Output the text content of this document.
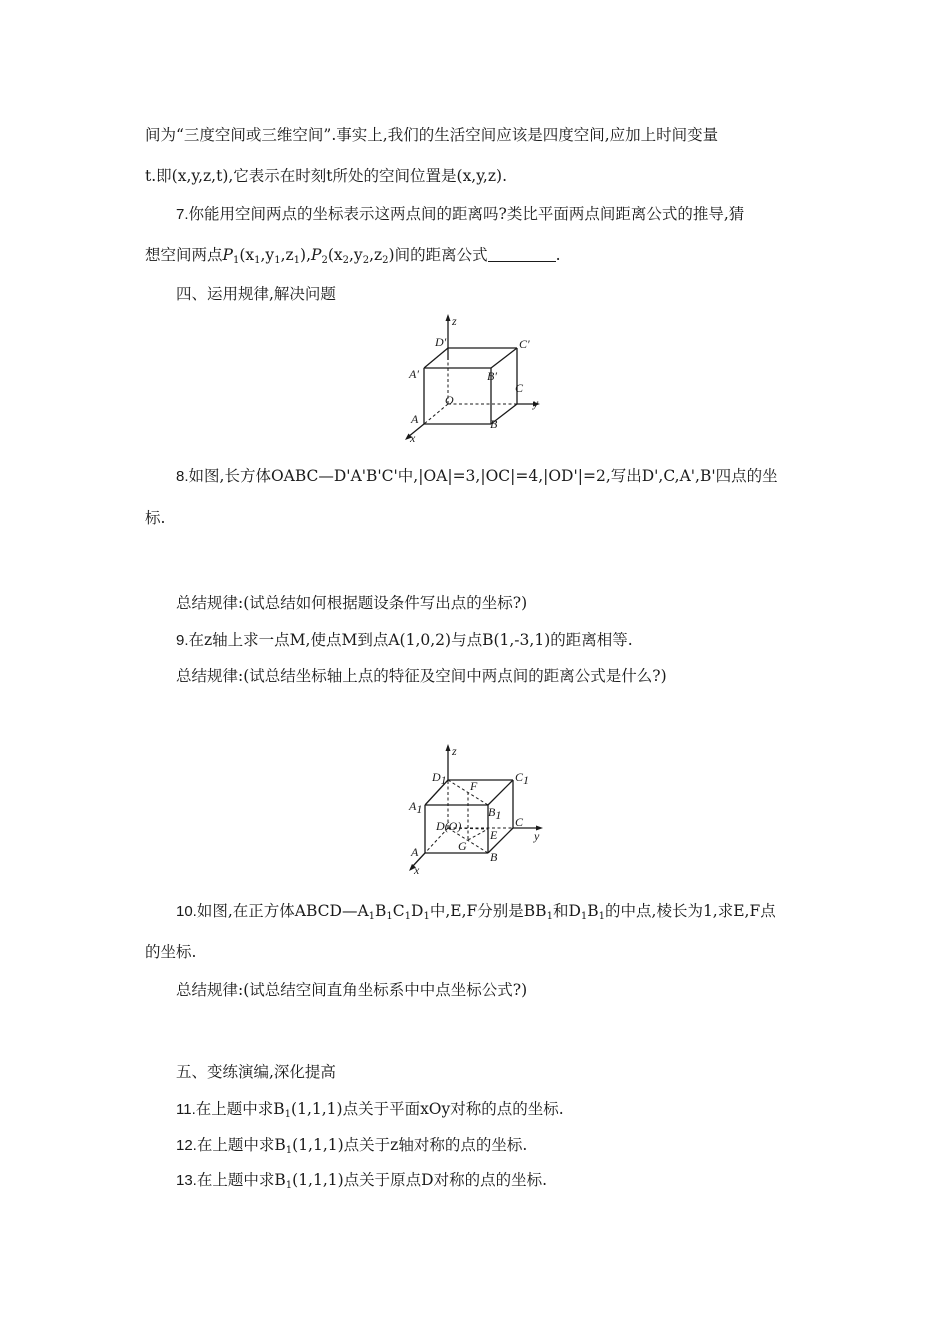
间为“三度空间或三维空间”.事实上,我们的生活空间应该是四度空间,应加上时间变量
t.即(x,y,z,t),它表示在时刻t所处的空间位置是(x,y,z).
7.你能用空间两点的坐标表示这两点间的距离吗?类比平面两点间距离公式的推导,猜
想空间两点$P_1(x_1,y_1,z_1),P_2(x_2,y_2,z_2)$间的距离公式	.
四、运用规律,解决问题
z
D′	C′
A′	B′
C
O	y
A	B
x
8.如图,长方体OABC—D'A'B'C'中,|OA|=3,|OC|=4,|OD'|=2,写出D',C,A',B'四点的坐
标.
总结规律:(试总结如何根据题设条件写出点的坐标?)
9.在z轴上求一点M,使点M到点A(1,0,2)与点B(1,-3,1)的距离相等.
总结规律:(试总结坐标轴上点的特征及空间中两点间的距离公式是什么?)
z
D1 F
C1
A1	B1
D(O)
E
C
y
G
A	B
x
10.如图,在正方体$ABCD—A_1B_1C_1D_1$中,E,F分别是$BB_1$和$D_1B_1$的中点,棱长为1,求E,F点
的坐标.
总结规律:(试总结空间直角坐标系中中点坐标公式?)
五、变练演编,深化提高
11.在上题中求$B_1(1,1,1)$点关于平面xOy对称的点的坐标.
12.在上题中求$B_1(1,1,1)$点关于z轴对称的点的坐标.
13.在上题中求$B_1(1,1,1)$点关于原点D对称的点的坐标.
